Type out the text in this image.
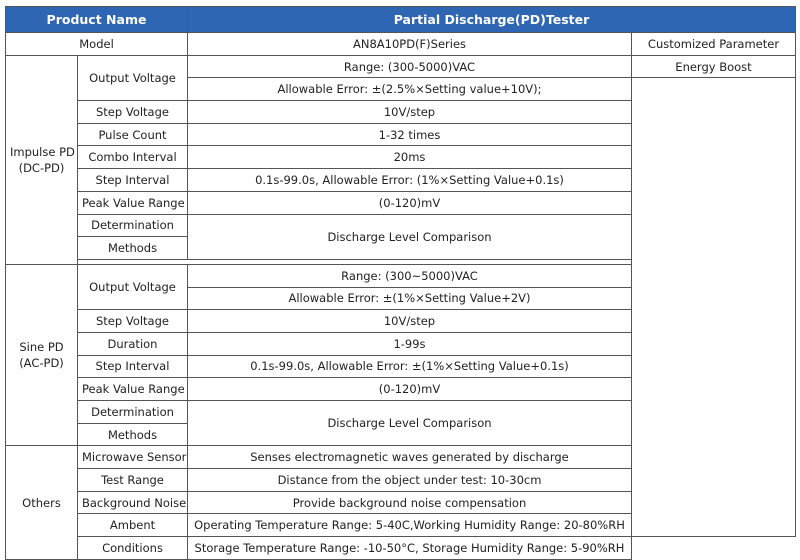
Product Name		Partial Discharge(PD)Tester	
Model		AN8A10PD(F)Series	Customized Parameter
Impulse PD
(DC-PD)	Output Voltage	Range: (300-5000)VAC	Energy Boost
		Allowable Error: ±(2.5%×Setting value+10V);	
	Step Voltage	10V/step	
	Pulse Count	1-32 times	
	Combo Interval	20ms	
	Step Interval	0.1s-99.0s, Allowable Error: (1%×Setting Value+0.1s)	
	Peak Value Range	(0-120)mV	
	Determination	Discharge Level Comparison	
	Methods		

Sine PD
(AC-PD)	Output Voltage	Range: (300~5000)VAC	
		Allowable Error: ±(1%×Setting Value+2V)	
	Step Voltage	10V/step	
	Duration	1-99s	
	Step Interval	0.1s-99.0s, Allowable Error: ±(1%×Setting Value+0.1s)	
	Peak Value Range	(0-120)mV	
	Determination	Discharge Level Comparison	
	Methods		
Others	Microwave Sensor	Senses electromagnetic waves generated by discharge	
	Test Range	Distance from the object under test: 10-30cm	
	Background Noise	Provide background noise compensation	
	Ambent	Operating Temperature Range: 5-40C,Working Humidity Range: 20-80%RH	
	Conditions	Storage Temperature Range: -10-50°C, Storage Humidity Range: 5-90%RH	
